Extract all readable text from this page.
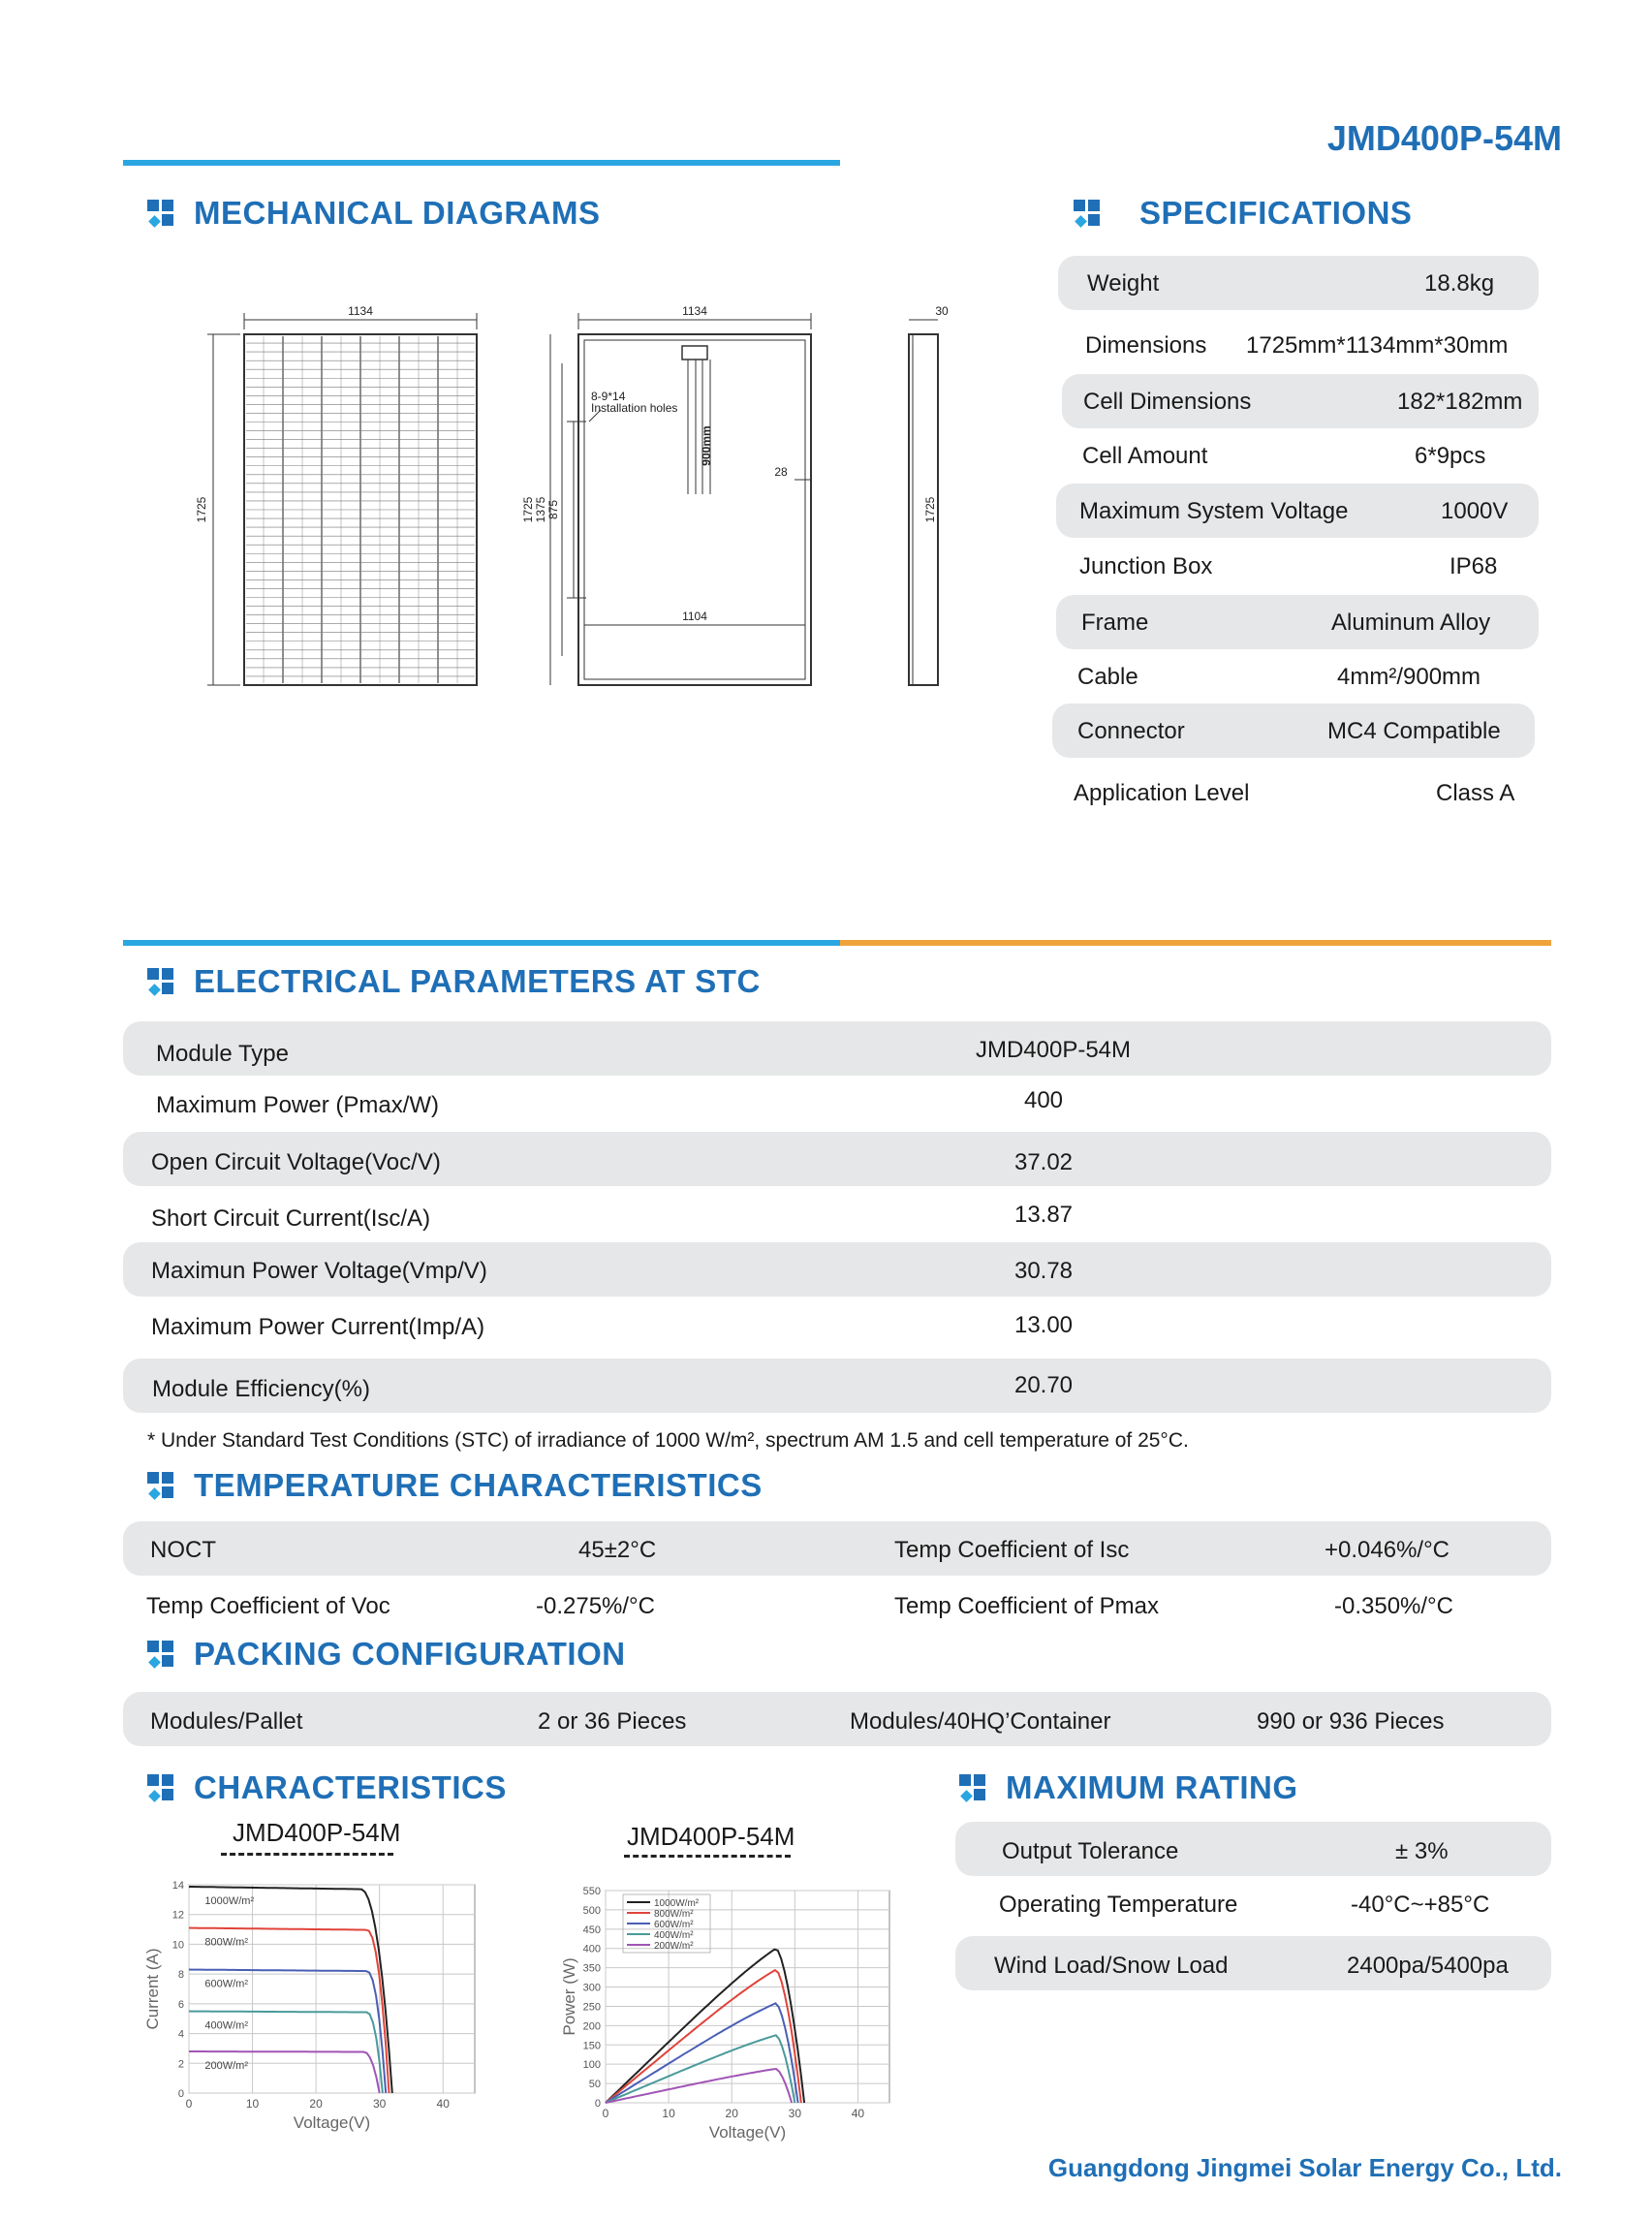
JMD400P-54M
MECHANICAL DIAGRAMS
1134	1134	30
1725	1725 1375 875
8-9*14
Installation holes
900mm
28
1104
1725
SPECIFICATIONS
Weight	18.8kg
Dimensions 1725mm*1134mm*30mm
Cell Dimensions	182*182mm
Cell Amount	6*9pcs
Maximum System Voltage	1000V
Junction Box	IP68
Frame	Aluminum Alloy
Cable	4mm²/900mm
Connector	MC4 Compatible
Application Level	Class A
ELECTRICAL PARAMETERS AT STC
Module Type	JMD400P-54M
Maximum Power (Pmax/W)	400
Open Circuit Voltage(Voc/V)	37.02
Short Circuit Current(Isc/A)	13.87
Maximun Power Voltage(Vmp/V)	30.78
Maximum Power Current(Imp/A)	13.00
Module Efficiency(%)	20.70
* Under Standard Test Conditions (STC) of irradiance of 1000 W/m², spectrum AM 1.5 and cell temperature of 25°C.
TEMPERATURE CHARACTERISTICS
NOCT	45±2°C	Temp Coefficient of Isc	+0.046%/°C
Temp Coefficient of Voc	-0.275%/°C	Temp Coefficient of Pmax	-0.350%/°C
PACKING CONFIGURATION
Modules/Pallet	2 or 36 Pieces	Modules/40HQ’Container	990 or 936 Pieces
CHARACTERISTICS
JMD400P-54M	JMD400P-54M
0
2
4
6
8
10
12
14
0	10	20	30	40
Voltage(V)
Current (A)
1000W/m²
800W/m²
600W/m²
400W/m²
200W/m²
0
50
100
150
200
250
300
350
400
450
500
550
0	10	20	30	40
Voltage(V)
Power (W)
1000W/m²
800W/m²
600W/m²
400W/m²
200W/m²
MAXIMUM RATING
Output Tolerance	± 3%
Operating Temperature	-40°C~+85°C
Wind Load/Snow Load	2400pa/5400pa
Guangdong Jingmei Solar Energy Co., Ltd.
